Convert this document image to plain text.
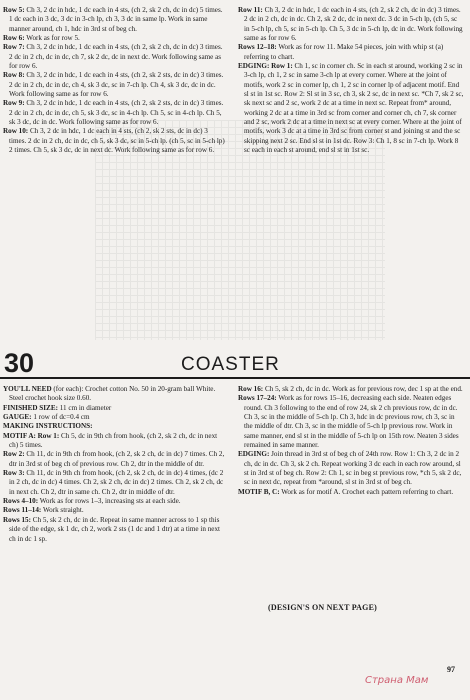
Row 5: Ch 3, 2 dc in hdc, 1 dc each in 4 sts, (ch 2, sk 2 ch, dc in dc) 5 times. 1 dc each in 3 dc, 3 dc in 3-ch lp, ch 3, 3 dc in same lp. Work in same manner around, ch 1, hdc in 3rd st of beg ch.

Row 6: Work as for row 5.

Row 7: Ch 3, 2 dc in hdc, 1 dc each in 4 sts, (ch 2, sk 2 ch, dc in dc) 3 times. 2 dc in 2 ch, dc in dc, ch 7, sk 2 dc, dc in next dc. Work following same as for row 6.

Row 8: Ch 3, 2 dc in hdc, 1 dc each in 4 sts, (ch 2, sk 2 sts, dc in dc) 3 times. 2 dc in 2 ch, dc in dc, ch 4, sk 3 dc, sc in 7-ch lp. Ch 4, sk 3 dc, dc in dc. Work following same as for row 6.

Row 9: Ch 3, 2 dc in hdc, 1 dc each in 4 sts, (ch 2, sk 2 sts, dc in dc) 3 times. 2 dc in 2 ch, dc in dc, ch 5, sk 3 dc, sc in 4-ch lp. Ch 5, sc in 4-ch lp. Ch 5, sk 3 dc, dc in dc. Work following same as for row 6.

Row 10: Ch 3, 2 dc in hdc, 1 dc each in 4 sts, (ch 2, sk 2 sts, dc in dc) 3 times. 2 dc in 2 ch, dc in dc, ch 5, sk 3 dc, sc in 5-ch lp. (ch 5, sc in 5-ch lp) 2 times. Ch 5, sk 3 dc, dc in next dc. Work following same as for row 6.

Row 11: Ch 3, 2 dc in hdc, 1 dc each in 4 sts, (ch 2, sk 2 ch, dc in dc) 3 times. 2 dc in 2 ch, dc in dc. Ch 2, sk 2 dc, dc in next dc. 3 dc in 5-ch lp, (ch 5, sc in 5-ch lp, ch 5, sc in 5-ch lp. Ch 5, 3 dc in 5-ch lp, dc in dc. Work following same as for row 6.

Rows 12–18: Work as for row 11. Make 54 pieces, join with whip st (a) referring to chart.

EDGING: Row 1: Ch 1, sc in corner ch. Sc in each st around, working 2 sc in 3-ch lp, ch 1, 2 sc in same 3-ch lp at every corner. Where at the joint of motifs, work 2 sc in corner lp, ch 1, 2 sc in corner lp of adjacent motif. End sl st in 1st sc. Row 2: Sl st in 3 sc, ch 3, sk 2 sc, dc in next sc. *Ch 7, sk 2 sc, sk next sc and 2 sc, work 2 dc at a time in next sc. Repeat from* around, working 2 dc at a time in 3rd sc from corner and corner ch, ch 7, sk corner and 2 sc, work 2 dc at a time in next sc at every corner. Where at the joint of motifs, work 3 dc at a time in 3rd sc from corner st and joining st and the sc skipping next 2 sc. End sl st in 1st dc. Row 3: Ch 1, 8 sc in 7-ch lp. Work 8 sc each in each st around, end sl st in 1st sc.

30	COASTER

YOU'LL NEED (for each): Crochet cotton No. 50 in 20-gram ball White. Steel crochet hook size 0.60.

FINISHED SIZE: 11 cm in diameter

GAUGE: 1 row of dc=0.4 cm

MAKING INSTRUCTIONS:

MOTIF A: Row 1: Ch 5, dc in 9th ch from hook, (ch 2, sk 2 ch, dc in next ch) 5 times.

Row 2: Ch 11, dc in 9th ch from hook, (ch 2, sk 2 ch, dc in dc) 7 times. Ch 2, dtr in 3rd st of beg ch of previous row. Ch 2, dtr in the middle of dtr.

Row 3: Ch 11, dc in 9th ch from hook, (ch 2, sk 2 ch, dc in dc) 4 times, (dc 2 in 2 ch, dc in dc) 4 times. Ch 2, sk 2 ch, dc in dc) 2 times. Ch 2, sk 2 ch, dc in next ch. Ch 2, dtr in same ch. Ch 2, dtr in middle of dtr.

Rows 4–10: Work as for rows 1–3, increasing sts at each side.

Rows 11–14: Work straight.

Rows 15: Ch 5, sk 2 ch, dc in dc. Repeat in same manner across to 1 sp this side of the edge, sk 1 dc, ch 2, work 2 sts (1 dc and 1 dtr) at a time in next ch in dc 1 sp.

Row 16: Ch 5, sk 2 ch, dc in dc. Work as for previous row, dec 1 sp at the end.

Rows 17–24: Work as for rows 15–16, decreasing each side. Neaten edges round. Ch 3 following to the end of row 24, sk 2 ch previous row, dc in dc. Ch 3, sc in the middle of 5-ch lp. Ch 3, hdc in dc previous row, ch 3, sc in the middle of dtr. Ch 3, sc in the middle of 5-ch lp previous row. Work in same manner, end sl st in the middle of 5-ch lp on 15th row. Neaten 3 sides remained in same manner.

EDGING: Join thread in 3rd st of beg ch of 24th row. Row 1: Ch 3, 2 dc in 2 ch, dc in dc. Ch 3, sk 2 ch. Repeat working 3 dc each in each row around, sl st in 3rd st of beg ch. Row 2: Ch 1, sc in beg st previous row, *ch 5, sk 2 dc, sc in next dc, repeat from *around, sl st in 3rd st of beg ch.

MOTIF B, C: Work as for motif A. Crochet each pattern referring to chart.

(DESIGN'S ON NEXT PAGE)
97
Страна Мам
